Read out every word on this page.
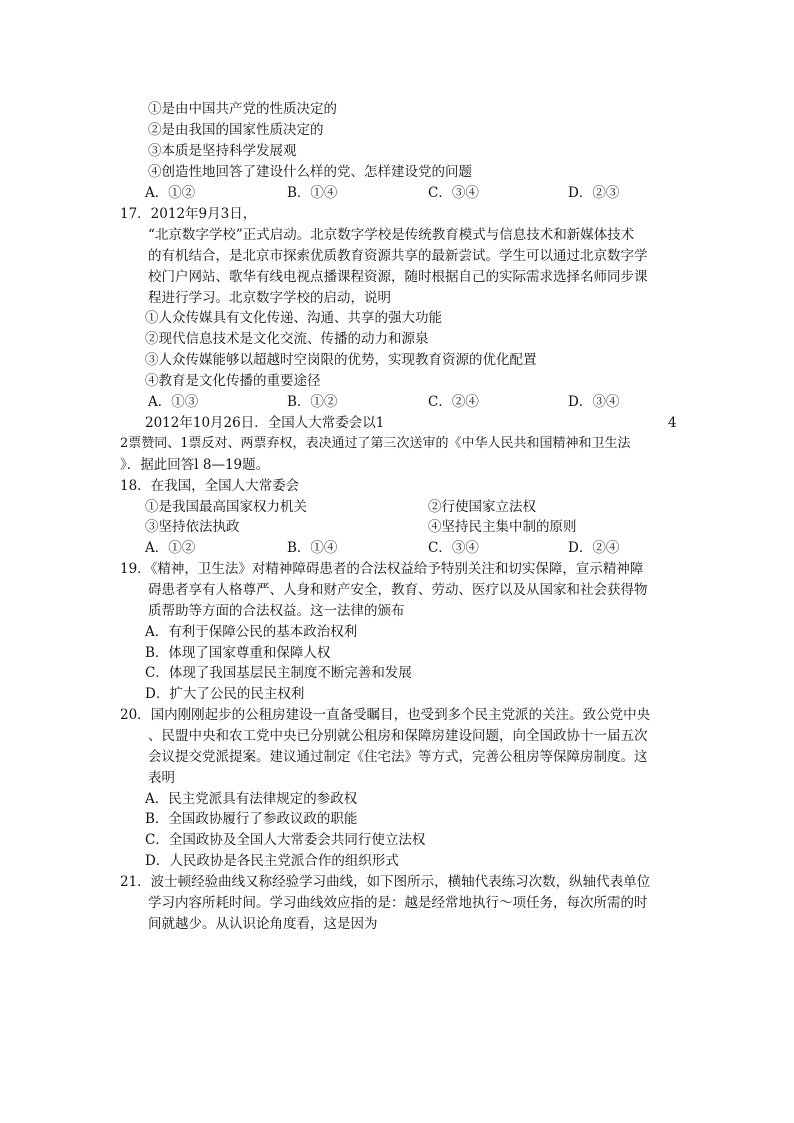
①是由中国共产党的性质决定的
②是由我国的国家性质决定的
③本质是坚持科学发展观
④创造性地回答了建设什么样的党、怎样建设党的问题
A．①②	B．①④	C．③④	D．②③
17．2012年9月3日，
“北京数字学校”正式启动。北京数字学校是传统教育模式与信息技术和新媒体技术
的有机结合，是北京市探索优质教育资源共享的最新尝试。学生可以通过北京数字学
校门户网站、歌华有线电视点播课程资源，随时根据自己的实际需求选择名师同步课
程进行学习。北京数字学校的启动，说明
①人众传媒具有文化传递、沟通、共享的强大功能
②现代信息技术是文化交流、传播的动力和源泉
③人众传媒能够以超越时空岗限的优势，实现教育资源的优化配置
④教育是文化传播的重要途径
A．①③	B．①②	C．②④	D．③④
2012年10月26日．全国人大常委会以1	4
2票赞同、1票反对、两票弃权，表决通过了第三次送审的《中华人民共和国精神和卫生法
》．据此回答l 8—19题。
18．在我国，全国人大常委会
①是我国最高国家权力机关	②行使国家立法权
③坚持依法执政	④坚持民主集中制的原则
A．①②	B．①④	C．③④	D．②④
19．《精神，卫生法》对精神障碍患者的合法权益给予特别关注和切实保障，宣示精神障
碍患者享有人格尊严、人身和财产安全，教育、劳动、医疗以及从国家和社会获得物
质帮助等方面的合法权益。这一法律的颁布
A．有利于保障公民的基本政治权利
B．体现了国家尊重和保障人权
C．体现了我国基层民主制度不断完善和发展
D．扩大了公民的民主权利
20．国内刚刚起步的公租房建设一直备受瞩目，也受到多个民主党派的关注。致公党中央
、民盟中央和农工党中央已分别就公租房和保障房建设问题，向全国政协十一届五次
会议提交党派提案。建议通过制定《住宅法》等方式，完善公租房等保障房制度。这
表明
A．民主党派具有法律规定的参政权
B．全国政协履行了参政议政的职能
C．全国政协及全国人大常委会共同行使立法权
D．人民政协是各民主党派合作的组织形式
21．波士顿经验曲线又称经验学习曲线，如下图所示，横轴代表练习次数，纵轴代表单位
学习内容所耗时间。学习曲线效应指的是：越是经常地执行～项任务，每次所需的时
间就越少。从认识论角度看，这是因为
